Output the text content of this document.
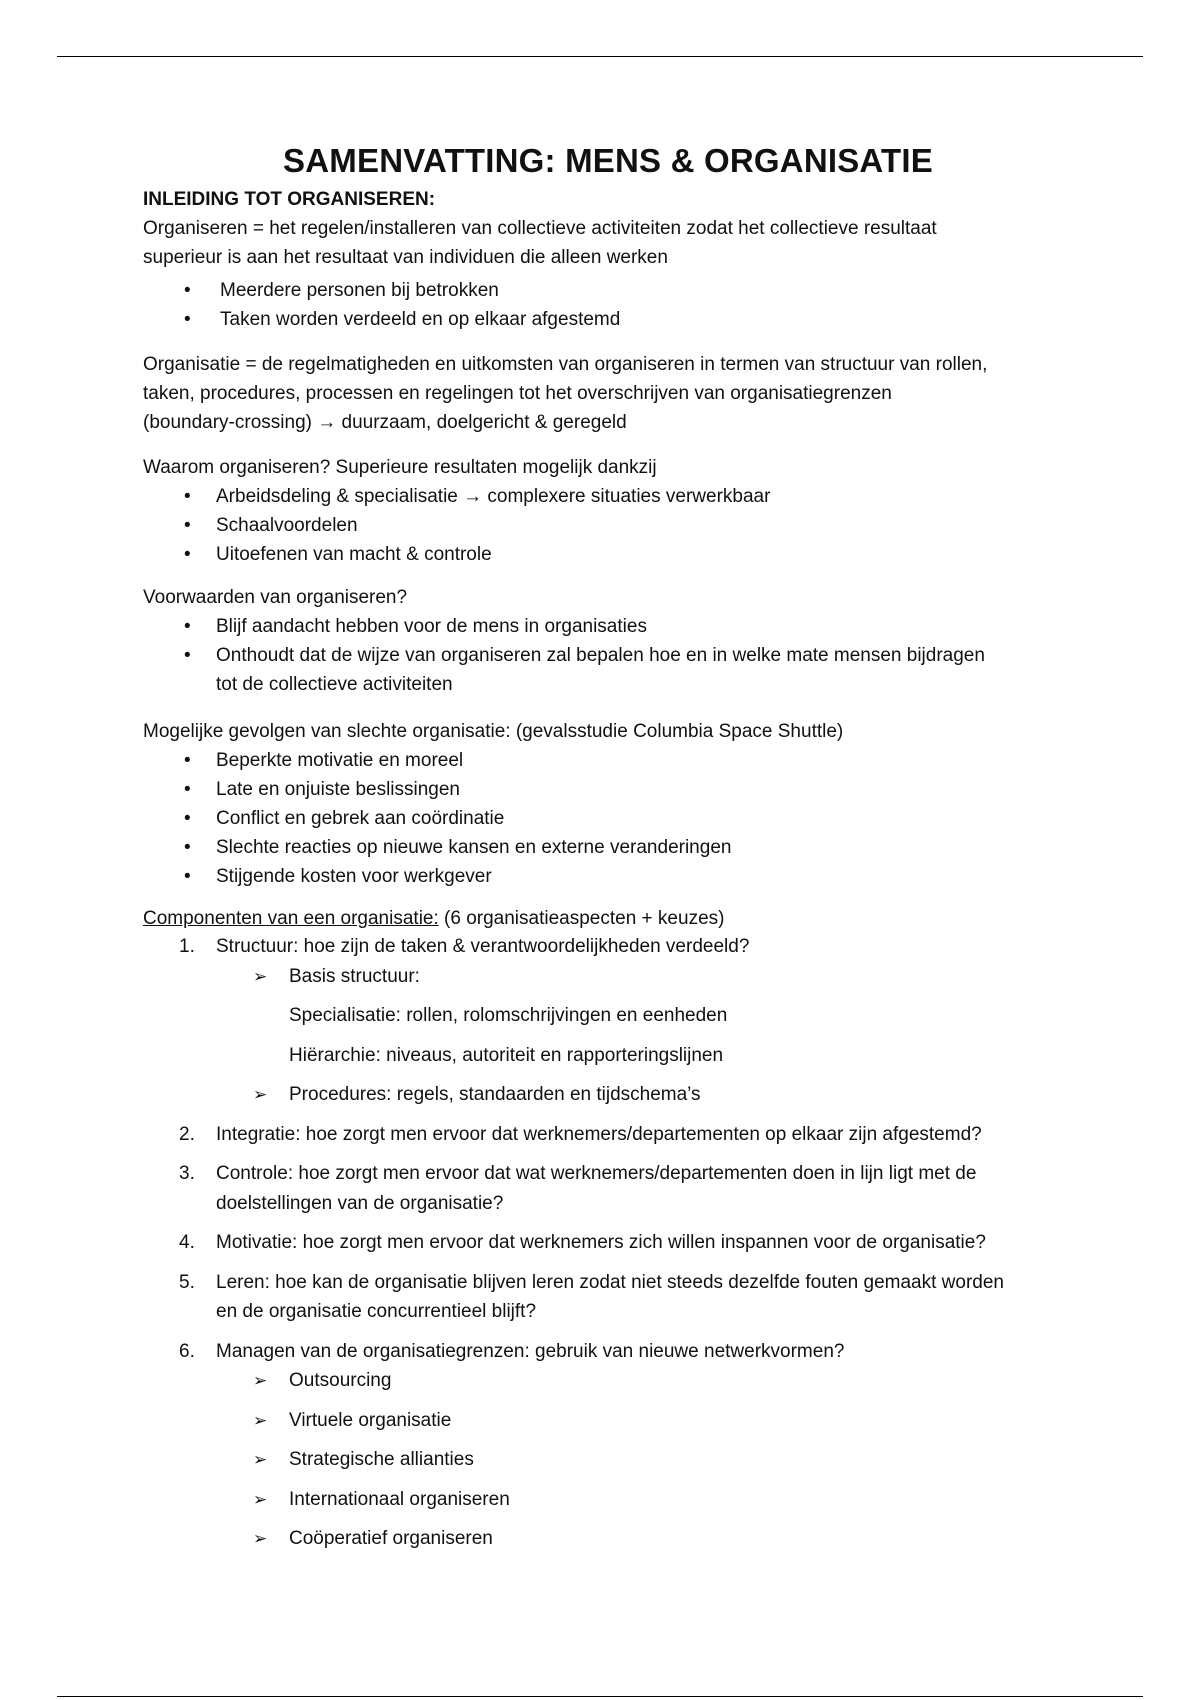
SAMENVATTING: MENS & ORGANISATIE
INLEIDING TOT ORGANISEREN:

Organiseren = het regelen/installeren van collectieve activiteiten zodat het collectieve resultaat
superieur is aan het resultaat van individuen die alleen werken

• Meerdere personen bij betrokken
• Taken worden verdeeld en op elkaar afgestemd

Organisatie = de regelmatigheden en uitkomsten van organiseren in termen van structuur van rollen,
taken, procedures, processen en regelingen tot het overschrijven van organisatiegrenzen
(boundary-crossing) → duurzaam, doelgericht & geregeld

Waarom organiseren? Superieure resultaten mogelijk dankzij

• Arbeidsdeling & specialisatie → complexere situaties verwerkbaar
• Schaalvoordelen
• Uitoefenen van macht & controle

Voorwaarden van organiseren?

• Blijf aandacht hebben voor de mens in organisaties
• Onthoudt dat de wijze van organiseren zal bepalen hoe en in welke mate mensen bijdragen
tot de collectieve activiteiten

Mogelijke gevolgen van slechte organisatie: (gevalsstudie Columbia Space Shuttle)

• Beperkte motivatie en moreel
• Late en onjuiste beslissingen
• Conflict en gebrek aan coördinatie
• Slechte reacties op nieuwe kansen en externe veranderingen
• Stijgende kosten voor werkgever

Componenten van een organisatie: (6 organisatieaspecten + keuzes)

1. Structuur: hoe zijn de taken & verantwoordelijkheden verdeeld?
➢ Basis structuur:
Specialisatie: rollen, rolomschrijvingen en eenheden
Hiërarchie: niveaus, autoriteit en rapporteringslijnen
➢ Procedures: regels, standaarden en tijdschema’s
2. Integratie: hoe zorgt men ervoor dat werknemers/departementen op elkaar zijn afgestemd?
3. Controle: hoe zorgt men ervoor dat wat werknemers/departementen doen in lijn ligt met de
doelstellingen van de organisatie?
4. Motivatie: hoe zorgt men ervoor dat werknemers zich willen inspannen voor de organisatie?
5. Leren: hoe kan de organisatie blijven leren zodat niet steeds dezelfde fouten gemaakt worden
en de organisatie concurrentieel blijft?
6. Managen van de organisatiegrenzen: gebruik van nieuwe netwerkvormen?
➢ Outsourcing
➢ Virtuele organisatie
➢ Strategische allianties
➢ Internationaal organiseren
➢ Coöperatief organiseren
